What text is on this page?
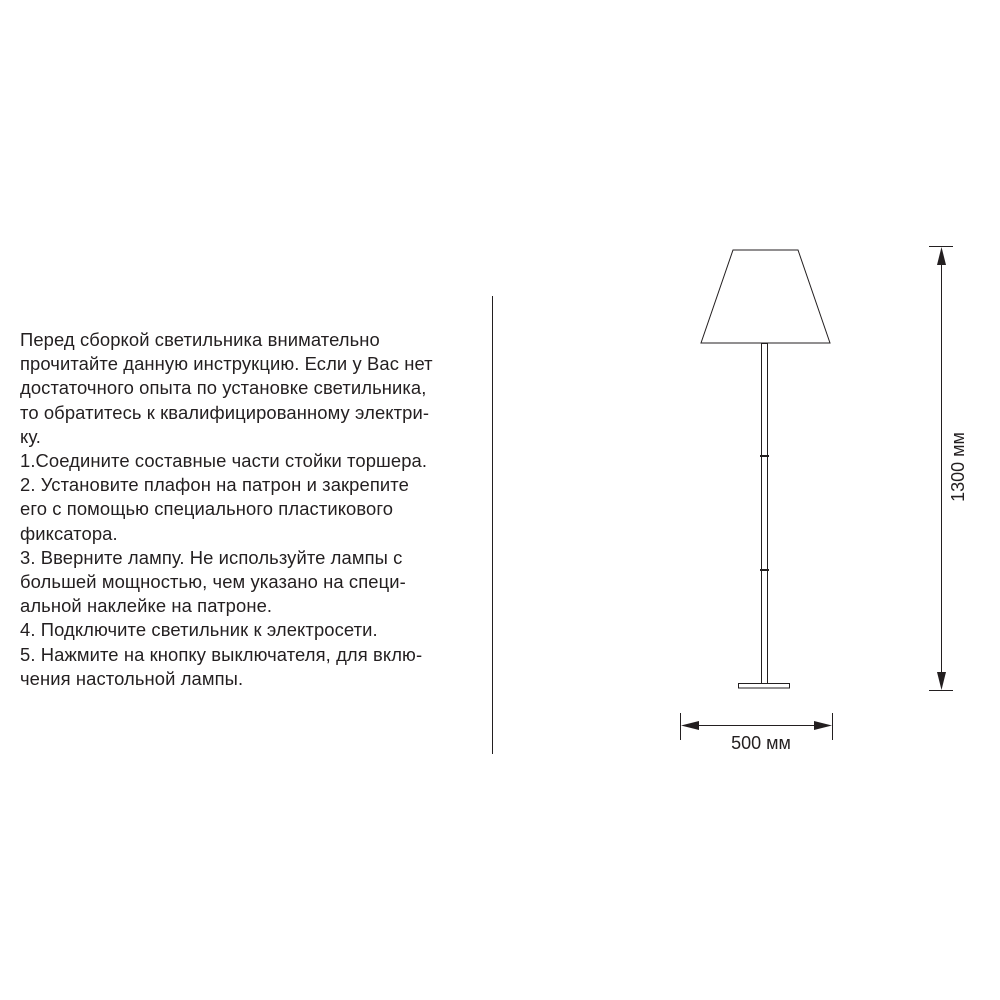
Перед сборкой светильника внимательно
прочитайте данную инструкцию. Если у Вас нет
достаточного опыта по установке светильника,
то обратитесь к квалифицированному электри-
ку.
1.Соедините составные части стойки торшера.
2. Установите плафон на патрон и закрепите
его с помощью специального пластикового
фиксатора.
3. Вверните лампу. Не используйте лампы с
большей мощностью, чем указано на специ-
альной наклейке на патроне.
4. Подключите светильник к электросети.
5. Нажмите на кнопку выключателя, для вклю-
чения настольной лампы.
1300 мм
500 мм
